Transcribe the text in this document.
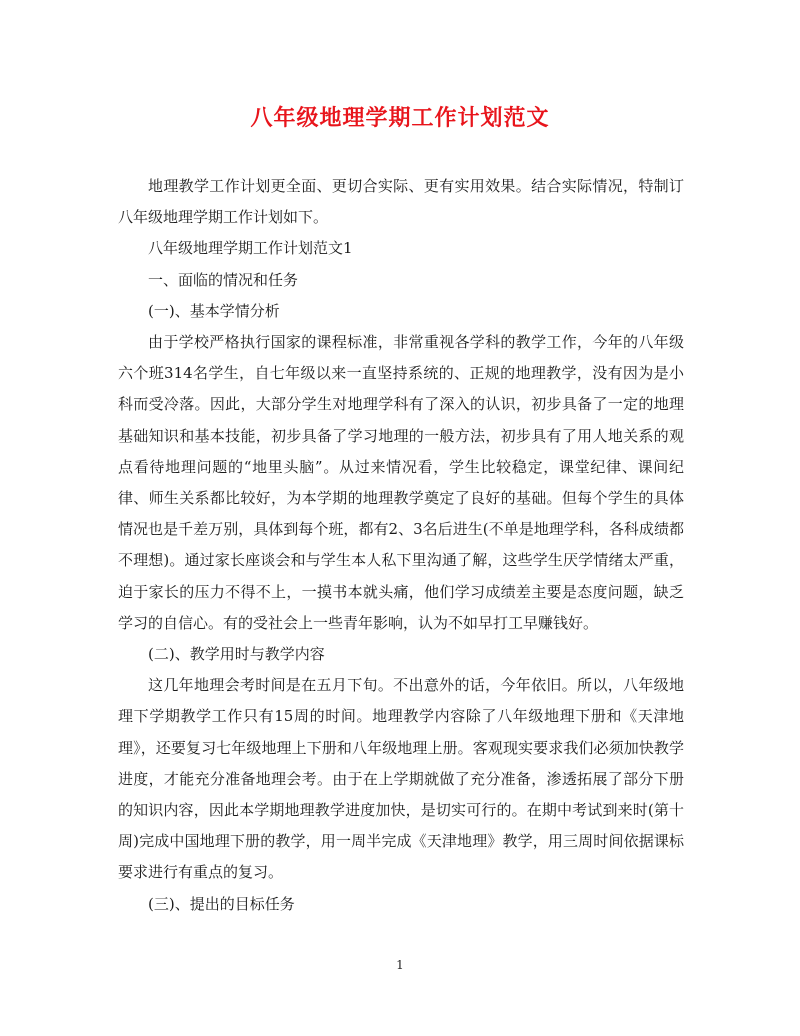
八年级地理学期工作计划范文

地理教学工作计划更全面、更切合实际、更有实用效果。结合实际情况，特制订八年级地理学期工作计划如下。

八年级地理学期工作计划范文1

一、面临的情况和任务

(一)、基本学情分析

由于学校严格执行国家的课程标准，非常重视各学科的教学工作，今年的八年级六个班314名学生，自七年级以来一直坚持系统的、正规的地理教学，没有因为是小科而受冷落。因此，大部分学生对地理学科有了深入的认识，初步具备了一定的地理基础知识和基本技能，初步具备了学习地理的一般方法，初步具有了用人地关系的观点看待地理问题的“地里头脑”。从过来情况看，学生比较稳定，课堂纪律、课间纪律、师生关系都比较好，为本学期的地理教学奠定了良好的基础。但每个学生的具体情况也是千差万别，具体到每个班，都有2、3名后进生(不单是地理学科，各科成绩都不理想)。通过家长座谈会和与学生本人私下里沟通了解，这些学生厌学情绪太严重，迫于家长的压力不得不上，一摸书本就头痛，他们学习成绩差主要是态度问题，缺乏学习的自信心。有的受社会上一些青年影响，认为不如早打工早赚钱好。

(二)、教学用时与教学内容

这几年地理会考时间是在五月下旬。不出意外的话，今年依旧。所以，八年级地理下学期教学工作只有15周的时间。地理教学内容除了八年级地理下册和《天津地理》，还要复习七年级地理上下册和八年级地理上册。客观现实要求我们必须加快教学进度，才能充分准备地理会考。由于在上学期就做了充分准备，渗透拓展了部分下册的知识内容，因此本学期地理教学进度加快，是切实可行的。在期中考试到来时(第十周)完成中国地理下册的教学，用一周半完成《天津地理》教学，用三周时间依据课标要求进行有重点的复习。

(三)、提出的目标任务

1
